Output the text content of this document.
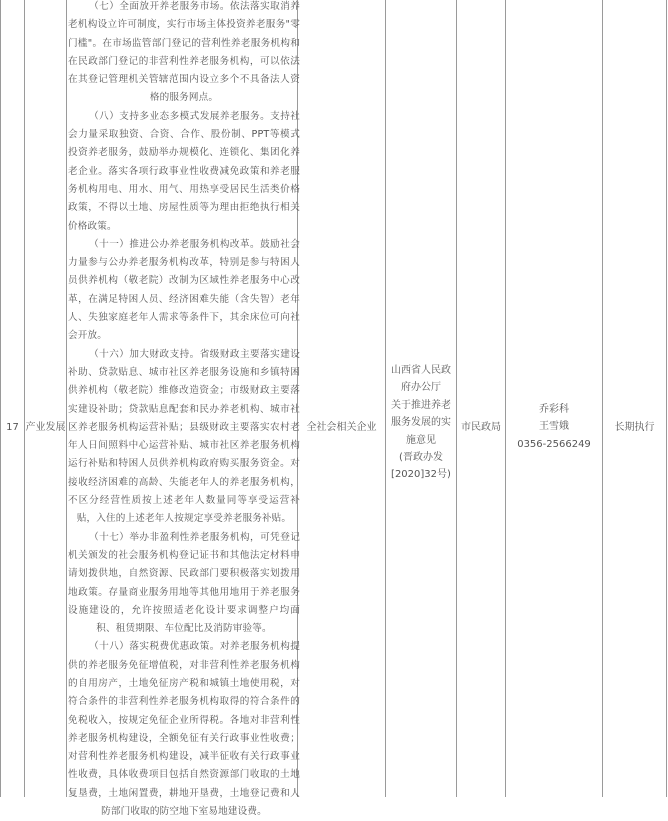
17 产业发展

（七）全面放开养老服务市场。依法落实取消养老机构设立许可制度，实行市场主体投资养老服务"零门槛"。在市场监管部门登记的营利性养老服务机构和在民政部门登记的非营利性养老服务机构，可以依法在其登记管理机关管辖范围内设立多个不具备法人资格的服务网点。

（八）支持多业态多模式发展养老服务。支持社会力量采取独资、合资、合作、股份制、PPT等模式投资养老服务，鼓励举办规模化、连锁化、集团化养老企业。落实各项行政事业性收费减免政策和养老服务机构用电、用水、用气、用热享受居民生活类价格政策，不得以土地、房屋性质等为理由拒绝执行相关价格政策。

（十一）推进公办养老服务机构改革。鼓励社会力量参与公办养老服务机构改革，特别是参与特困人员供养机构（敬老院）改制为区域性养老服务中心改革，在满足特困人员、经济困难失能（含失智）老年人、失独家庭老年人需求等条件下，其余床位可向社会开放。

（十六）加大财政支持。省级财政主要落实建设补助、贷款贴息、城市社区养老服务设施和乡镇特困供养机构（敬老院）维修改造资金；市级财政主要落实建设补助；贷款贴息配套和民办养老机构、城市社区养老服务机构运营补贴；县级财政主要落实农村老年人日间照料中心运营补贴、城市社区养老服务机构运行补贴和特困人员供养机构政府购买服务资金。对接收经济困难的高龄、失能老年人的养老服务机构，不区分经营性质按上述老年人数量同等享受运营补贴，入住的上述老年人按规定享受养老服务补贴。

（十七）举办非盈利性养老服务机构，可凭登记机关颁发的社会服务机构登记证书和其他法定材料申请划拨供地，自然资源、民政部门要积极落实划拨用地政策。存量商业服务用地等其他用地用于养老服务设施建设的，允许按照适老化设计要求调整户均面积、租赁期限、车位配比及消防审验等。

（十八）落实税费优惠政策。对养老服务机构提供的养老服务免征增值税，对非营利性养老服务机构的自用房产，土地免征房产税和城镇土地使用税，对符合条件的非营利性养老服务机构取得的符合条件的免税收入，按规定免征企业所得税。各地对非营利性养老服务机构建设，全额免征有关行政事业性收费；对营利性养老服务机构建设，减半征收有关行政事业性收费，具体收费项目包括自然资源部门收取的土地复垦费，土地闲置费，耕地开垦费，土地登记费和人防部门收取的防空地下室易地建设费。

全社会相关企业
山西省人民政
府办公厅
关于推进养老
服务发展的实
施意见
(晋政办发
[2020]32号)
市民政局
乔彩科
王雪娥
0356-2566249
长期执行
